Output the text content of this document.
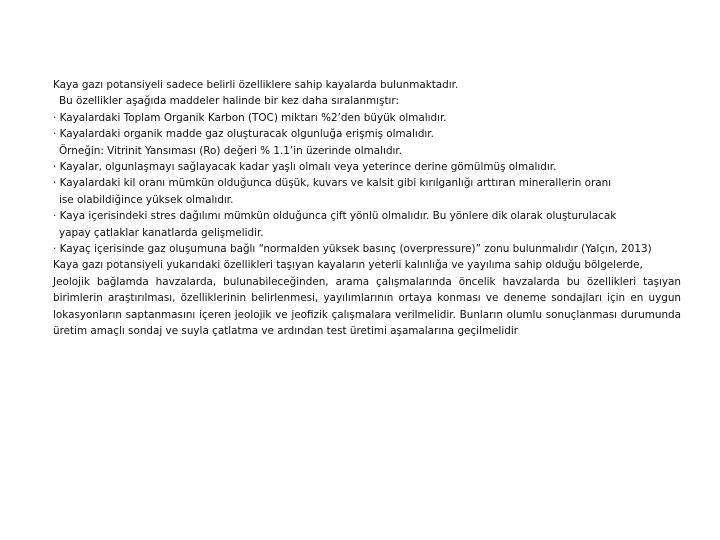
Kaya gazı potansiyeli sadece belirli özelliklere sahip kayalarda bulunmaktadır.
Bu özellikler aşağıda maddeler halinde bir kez daha sıralanmıştır:
· Kayalardaki Toplam Organik Karbon (TOC) miktarı %2’den büyük olmalıdır.
· Kayalardaki organik madde gaz oluşturacak olgunluğa erişmiş olmalıdır.
Örneğin: Vitrinit Yansıması (Ro) değeri % 1.1’in üzerinde olmalıdır.
· Kayalar, olgunlaşmayı sağlayacak kadar yaşlı olmalı veya yeterince derine gömülmüş olmalıdır.
· Kayalardaki kil oranı mümkün olduğunca düşük, kuvars ve kalsit gibi kırılganlığı arttıran minerallerin oranı
ise olabildiğince yüksek olmalıdır.
· Kaya içerisindeki stres dağılımı mümkün olduğunca çift yönlü olmalıdır. Bu yönlere dik olarak oluşturulacak
yapay çatlaklar kanatlarda gelişmelidir.
· Kayaç içerisinde gaz oluşumuna bağlı “normalden yüksek basınç (overpressure)” zonu bulunmalıdır (Yalçın, 2013)
Kaya gazı potansiyeli yukarıdaki özellikleri taşıyan kayaların yeterli kalınlığa ve yayılıma sahip olduğu bölgelerde,
Jeolojik bağlamda havzalarda, bulunabileceğinden, arama çalışmalarında öncelik havzalarda bu özellikleri taşıyan birimlerin araştırılması, özelliklerinin belirlenmesi, yayılımlarının ortaya konması ve deneme sondajları için en uygun lokasyonların saptanmasını içeren jeolojik ve jeofizik çalışmalara verilmelidir. Bunların olumlu sonuçlanması durumunda üretim amaçlı sondaj ve suyla çatlatma ve ardından test üretimi aşamalarına geçilmelidir
